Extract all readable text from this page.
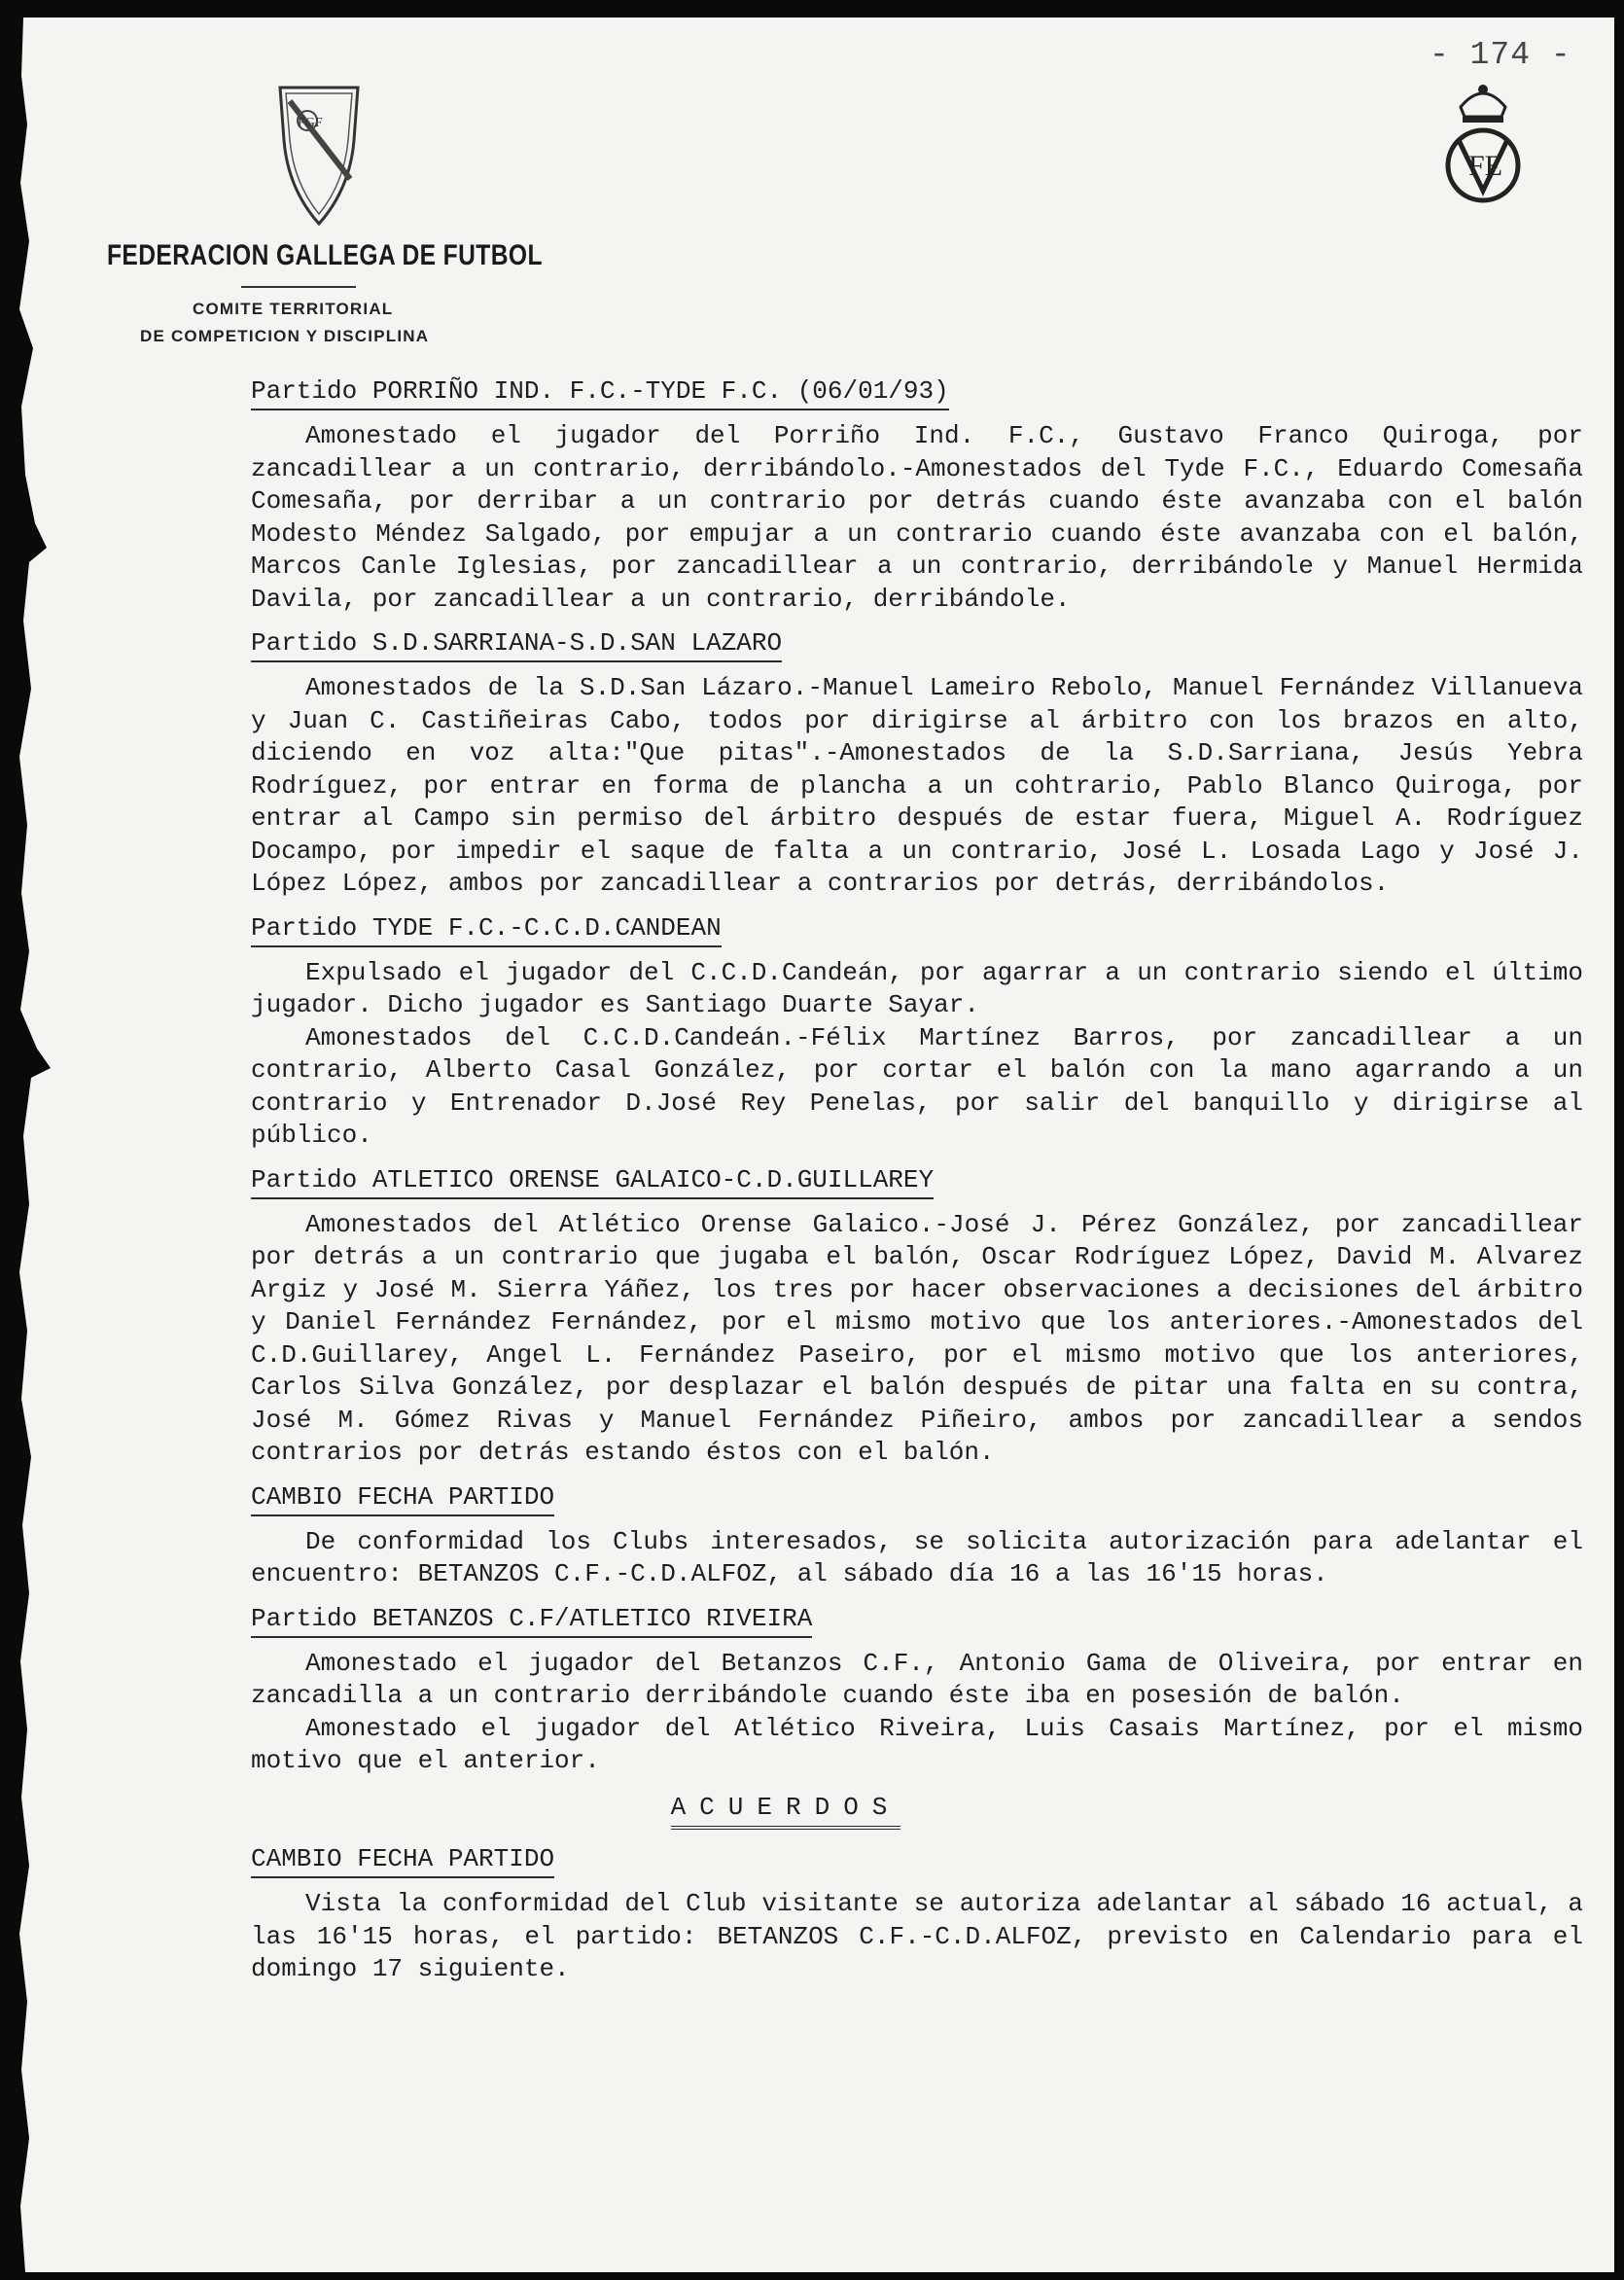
- 174 -
FGF
FE
FEDERACION GALLEGA DE FUTBOL
COMITE TERRITORIAL
DE COMPETICION Y DISCIPLINA
Partido PORRIÑO IND. F.C.-TYDE F.C. (06/01/93)

Amonestado el jugador del Porriño Ind. F.C., Gustavo Franco Quiroga, por zancadillear a un contrario, derribándolo.-Amonestados del Tyde F.C., Eduardo Comesaña Comesaña, por derribar a un contrario por detrás cuando éste avanzaba con el balón Modesto Méndez Salgado, por empujar a un contrario cuando éste avanzaba con el balón, Marcos Canle Iglesias, por zancadillear a un contrario, derribándole y Manuel Hermida Davila, por zancadillear a un contrario, derribándole.

Partido S.D.SARRIANA-S.D.SAN LAZARO

Amonestados de la S.D.San Lázaro.-Manuel Lameiro Rebolo, Manuel Fernández Villanueva y Juan C. Castiñeiras Cabo, todos por dirigirse al árbitro con los brazos en alto, diciendo en voz alta:"Que pitas".-Amonestados de la S.D.Sarriana, Jesús Yebra Rodríguez, por entrar en forma de plancha a un cohtrario, Pablo Blanco Quiroga, por entrar al Campo sin permiso del árbitro después de estar fuera, Miguel A. Rodríguez Docampo, por impedir el saque de falta a un contrario, José L. Losada Lago y José J. López López, ambos por zancadillear a contrarios por detrás, derribándolos.

Partido TYDE F.C.-C.C.D.CANDEAN

Expulsado el jugador del C.C.D.Candeán, por agarrar a un contrario siendo el último jugador. Dicho jugador es Santiago Duarte Sayar.

Amonestados del C.C.D.Candeán.-Félix Martínez Barros, por zancadillear a un contrario, Alberto Casal González, por cortar el balón con la mano agarrando a un contrario y Entrenador D.José Rey Penelas, por salir del banquillo y dirigirse al público.

Partido ATLETICO ORENSE GALAICO-C.D.GUILLAREY

Amonestados del Atlético Orense Galaico.-José J. Pérez González, por zancadillear por detrás a un contrario que jugaba el balón, Oscar Rodríguez López, David M. Alvarez Argiz y José M. Sierra Yáñez, los tres por hacer observaciones a decisiones del árbitro y Daniel Fernández Fernández, por el mismo motivo que los anteriores.-Amonestados del C.D.Guillarey, Angel L. Fernández Paseiro, por el mismo motivo que los anteriores, Carlos Silva González, por desplazar el balón después de pitar una falta en su contra, José M. Gómez Rivas y Manuel Fernández Piñeiro, ambos por zancadillear a sendos contrarios por detrás estando éstos con el balón.

CAMBIO FECHA PARTIDO

De conformidad los Clubs interesados, se solicita autorización para adelantar el encuentro: BETANZOS C.F.-C.D.ALFOZ, al sábado día 16 a las 16'15 horas.

Partido BETANZOS C.F/ATLETICO RIVEIRA

Amonestado el jugador del Betanzos C.F., Antonio Gama de Oliveira, por entrar en zancadilla a un contrario derribándole cuando éste iba en posesión de balón.

Amonestado el jugador del Atlético Riveira, Luis Casais Martínez, por el mismo motivo que el anterior.

ACUERDOS
CAMBIO FECHA PARTIDO

Vista la conformidad del Club visitante se autoriza adelantar al sábado 16 actual, a las 16'15 horas, el partido: BETANZOS C.F.-C.D.ALFOZ, previsto en Calendario para el domingo 17 siguiente.
